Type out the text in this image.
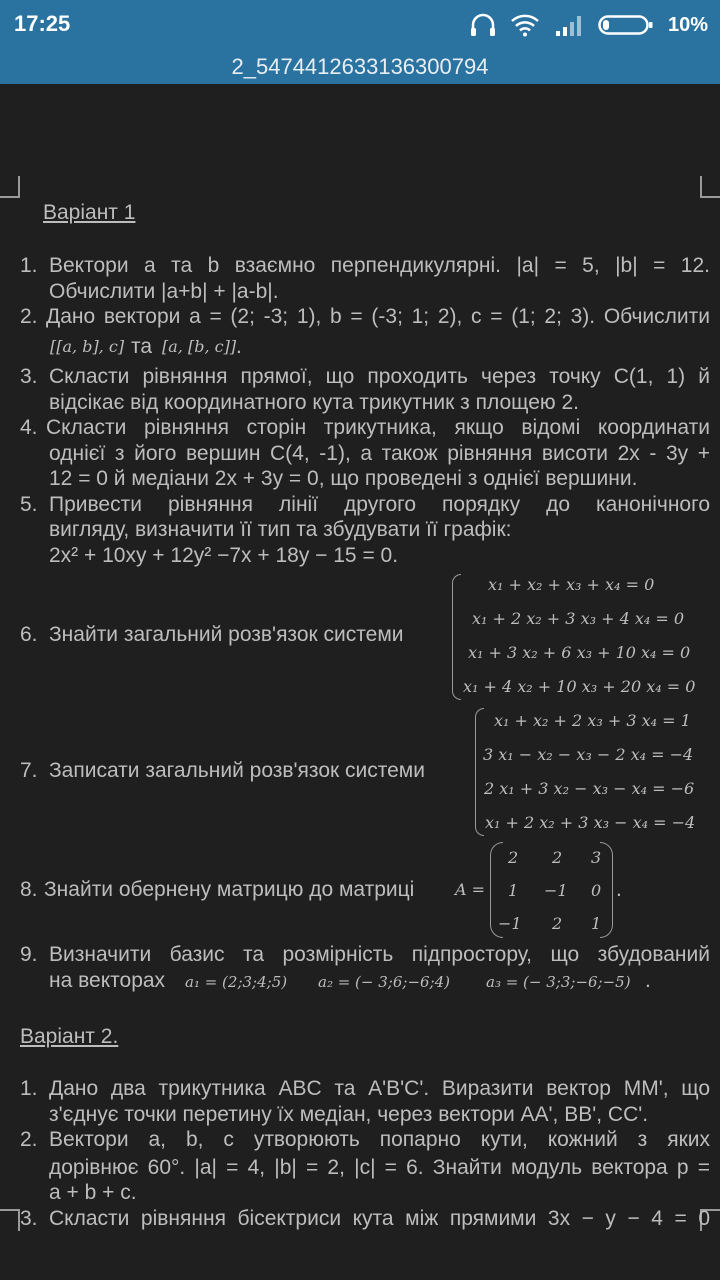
17:25	10%
2_5474412633136300794
Варіант 1
1. Вектори a та b взаємно перпендикулярні. |a| = 5, |b| = 12.
Обчислити |a+b| + |a-b|.
2. Дано вектори a = (2; -3; 1), b = (-3; 1; 2), c = (1; 2; 3). Обчислити
[[a, b], c] та [a, [b, c]] .
3. Скласти рівняння прямої, що проходить через точку C(1, 1) й
відсікає від координатного кута трикутник з площею 2.
4. Скласти рівняння сторін трикутника, якщо відомі координати
однієї з його вершин C(4, -1), а також рівняння висоти 2x - 3y +
12 = 0 й медіани 2x + 3y = 0, що проведені з однієї вершини.
5. Привести рівняння лінії другого порядку до канонічного
вигляду, визначити її тип та збудувати її графік:
2x² + 10xy + 12y² −7x + 18y − 15 = 0.
6. Знайти загальний розв'язок системи
x₁ + x₂ + x₃ + x₄ = 0
x₁ + 2 x₂ + 3 x₃ + 4 x₄ = 0
x₁ + 3 x₂ + 6 x₃ + 10 x₄ = 0
x₁ + 4 x₂ + 10 x₃ + 20 x₄ = 0
7. Записати загальний розв'язок системи
x₁ + x₂ + 2 x₃ + 3 x₄ = 1
3 x₁ − x₂ − x₃ − 2 x₄ = −4
2 x₁ + 3 x₂ − x₃ − x₄ = −6
x₁ + 2 x₂ + 3 x₃ − x₄ = −4
8. Знайти обернену матрицю до матриці	A =
2 2 3
1 −1 0
−1 2 1
.
9. Визначити базис та розмірність підпростору, що збудований
на векторах a₁ = (2;3;4;5) a₂ = (− 3;6;−6;4) a₃ = (− 3;3;−6;−5) .
Варіант 2.
1. Дано два трикутника ABC та A'B'C'. Виразити вектор MM', що
з'єднує точки перетину їх медіан, через вектори AA', BB', CC'.
2. Вектори a, b, c утворюють попарно кути, кожний з яких
дорівнює 60°. |a| = 4, |b| = 2, |c| = 6. Знайти модуль вектора p =
a + b + c.
3. Скласти рівняння бісектриси кута між прямими 3x − y − 4 = 0
